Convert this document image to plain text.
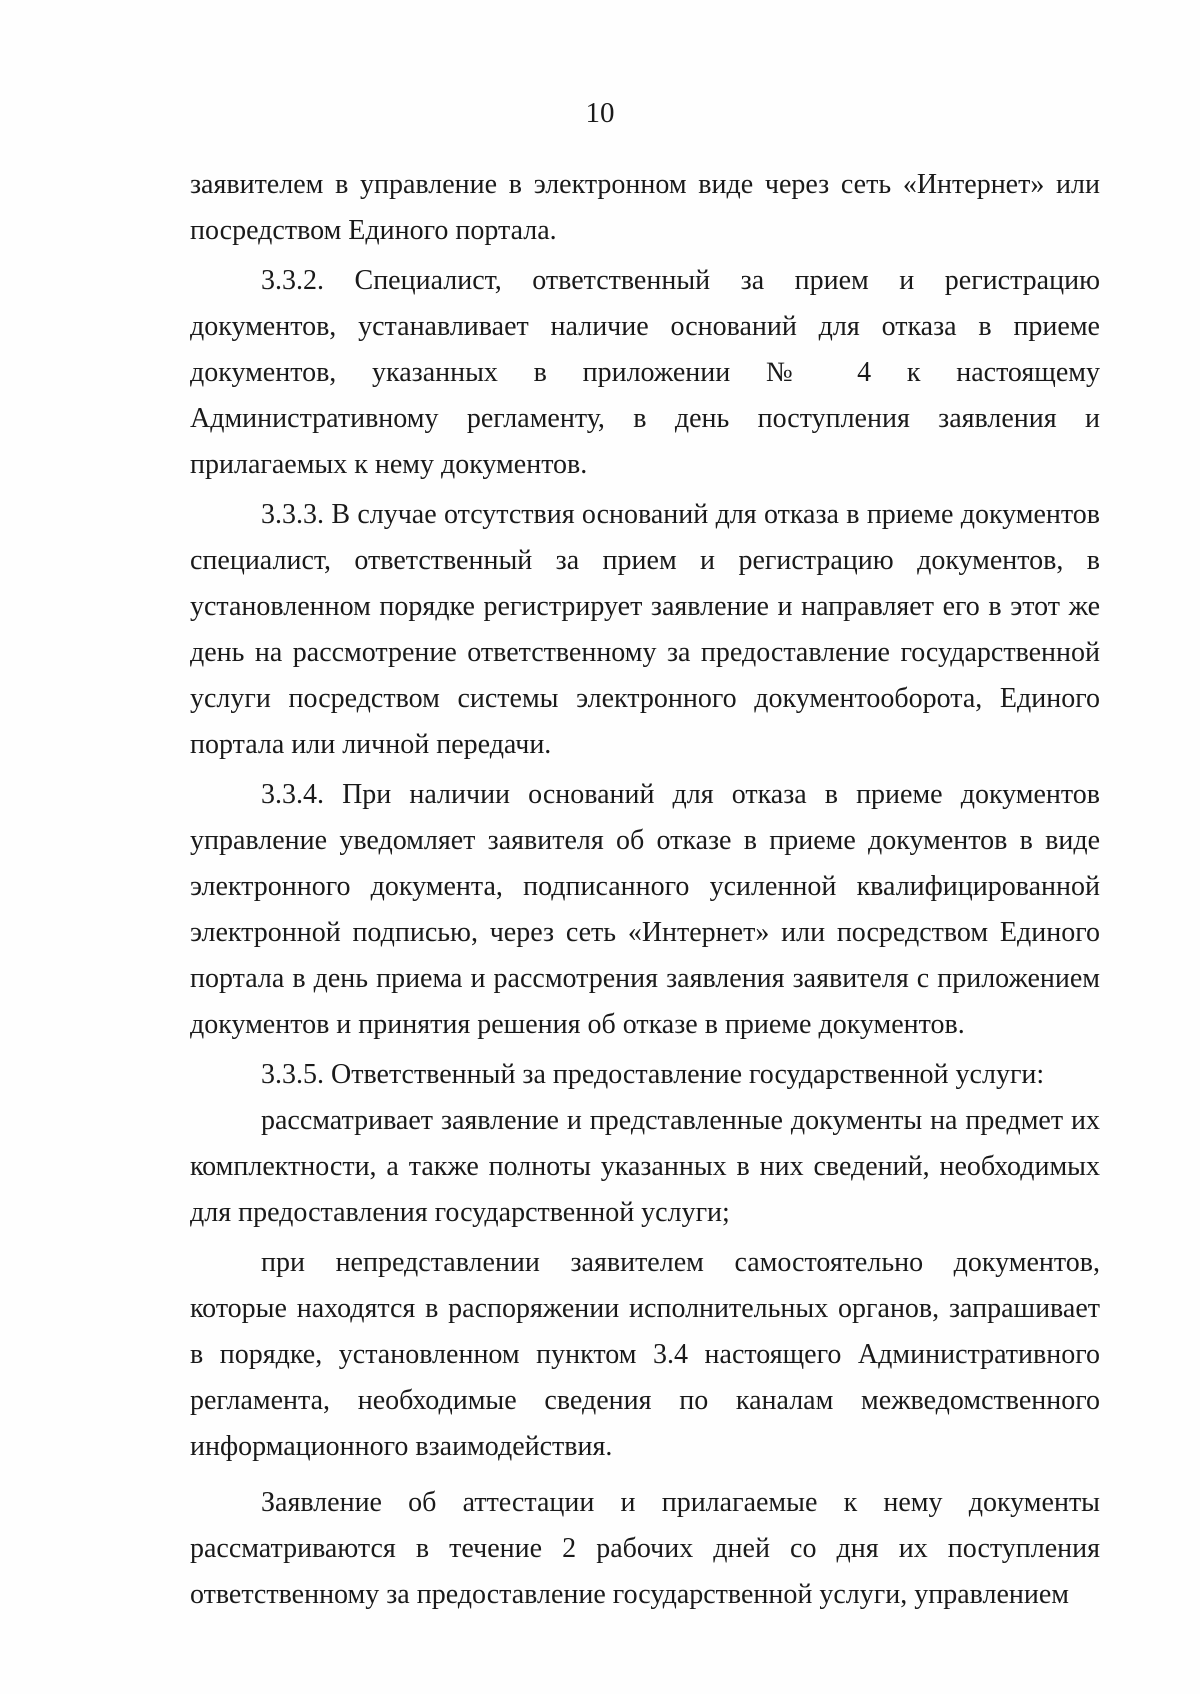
10

заявителем в управление в электронном виде через сеть «Интернет» или посредством Единого портала.

3.3.2. Специалист, ответственный за прием и регистрацию документов, устанавливает наличие оснований для отказа в приеме документов, указанных в приложении № 4 к настоящему Административному регламенту, в день поступления заявления и прилагаемых к нему документов.

3.3.3. В случае отсутствия оснований для отказа в приеме документов специалист, ответственный за прием и регистрацию документов, в установленном порядке регистрирует заявление и направляет его в этот же день на рассмотрение ответственному за предоставление государственной услуги посредством системы электронного документооборота, Единого портала или личной передачи.

3.3.4. При наличии оснований для отказа в приеме документов управление уведомляет заявителя об отказе в приеме документов в виде электронного документа, подписанного усиленной квалифицированной электронной подписью, через сеть «Интернет» или посредством Единого портала в день приема и рассмотрения заявления заявителя с приложением документов и принятия решения об отказе в приеме документов.

3.3.5. Ответственный за предоставление государственной услуги:

рассматривает заявление и представленные документы на предмет их комплектности, а также полноты указанных в них сведений, необходимых для предоставления государственной услуги;

при непредставлении заявителем самостоятельно документов, которые находятся в распоряжении исполнительных органов, запрашивает в порядке, установленном пунктом 3.4 настоящего Административного регламента, необходимые сведения по каналам межведомственного информационного взаимодействия.

Заявление об аттестации и прилагаемые к нему документы рассматриваются в течение 2 рабочих дней со дня их поступления ответственному за предоставление государственной услуги, управлением
